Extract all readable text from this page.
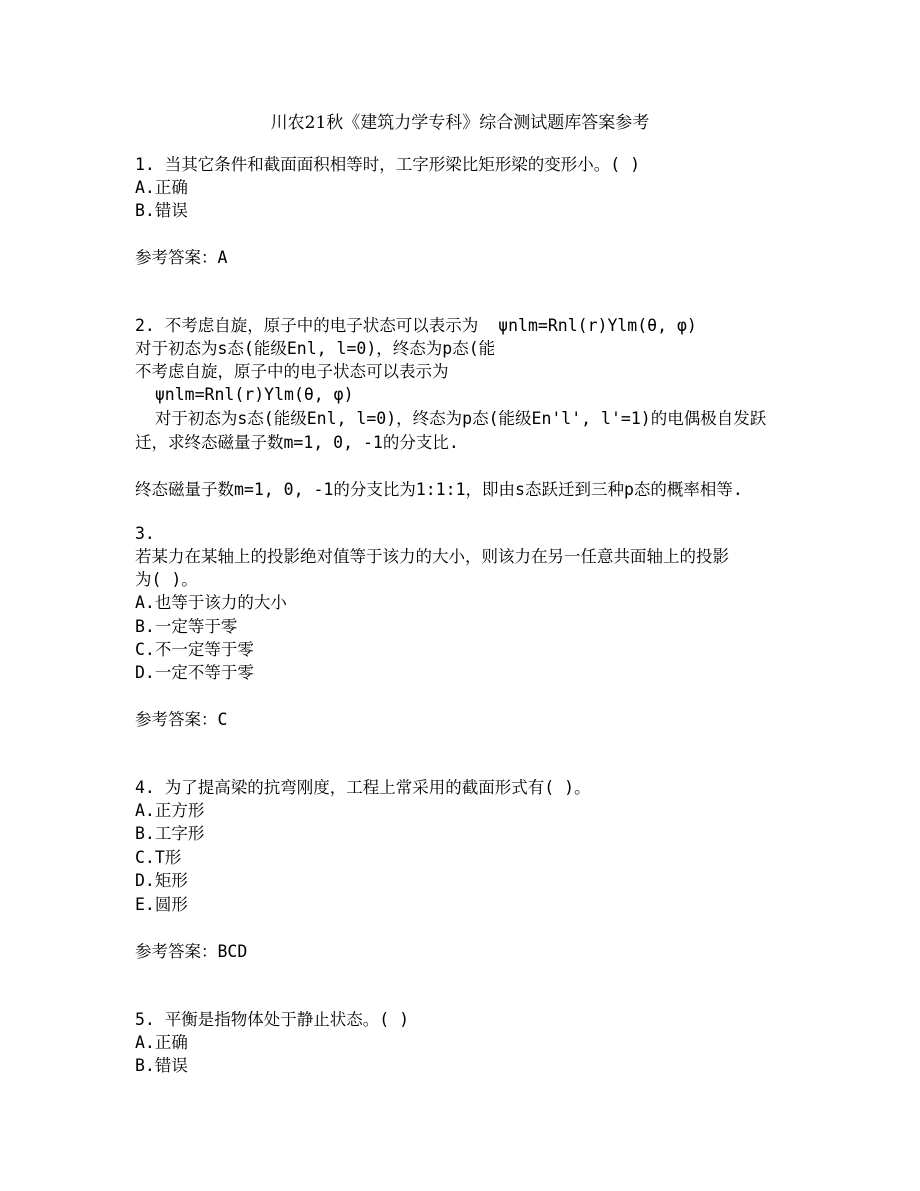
川农21秋《建筑力学专科》综合测试题库答案参考
1. 当其它条件和截面面积相等时，工字形梁比矩形梁的变形小。( )
A.正确
B.错误
参考答案：A
2. 不考虑自旋，原子中的电子状态可以表示为  ψnlm=Rnl(r)Ylm(θ, φ)
对于初态为s态(能级Enl, l=0)，终态为p态(能
不考虑自旋，原子中的电子状态可以表示为
ψnlm=Rnl(r)Ylm(θ, φ)
对于初态为s态(能级Enl, l=0)，终态为p态(能级En'l', l'=1)的电偶极自发跃
迁，求终态磁量子数m=1, 0, -1的分支比.
终态磁量子数m=1, 0, -1的分支比为1:1:1，即由s态跃迁到三种p态的概率相等.
3.
若某力在某轴上的投影绝对值等于该力的大小，则该力在另一任意共面轴上的投影
为( )。
A.也等于该力的大小
B.一定等于零
C.不一定等于零
D.一定不等于零
参考答案：C
4. 为了提高梁的抗弯刚度，工程上常采用的截面形式有( )。
A.正方形
B.工字形
C.T形
D.矩形
E.圆形
参考答案：BCD
5. 平衡是指物体处于静止状态。( )
A.正确
B.错误
